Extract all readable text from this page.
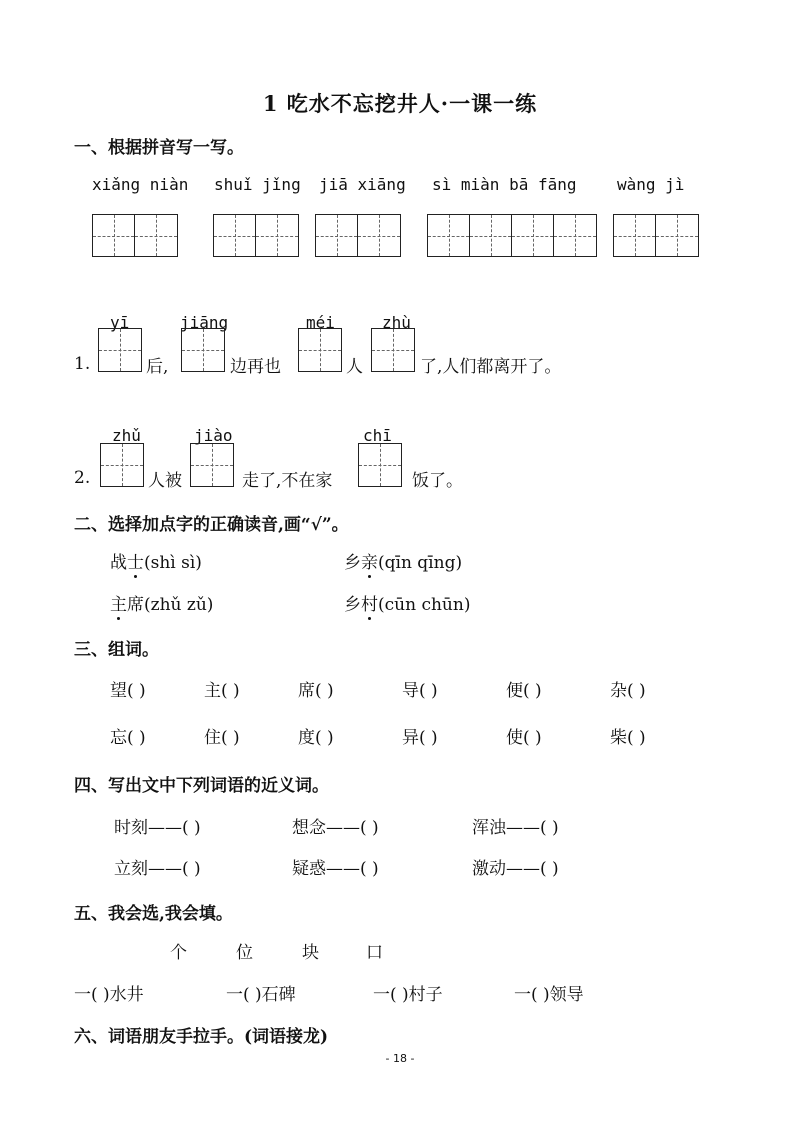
1 吃水不忘挖井人·一课一练
一、根据拼音写一写。
xiǎng niàn shuǐ jǐng jiā xiāng sì miàn bā fāng	wàng jì
yī	jiāng	méi	zhù
1.	后,	边再也	人	了,人们都离开了。
zhǔ	jiào	chī
2.	人被	走了,不在家	饭了。
二、选择加点字的正确读音,画“√”。
战士(shì sì)	乡亲(qīn qīng)
主席(zhǔ zǔ)	乡村(cūn chūn)
三、组词。
望( )	主( )	席( )	导( )	便( )	杂( )
忘( )	住( )	度( )	异( )	使( )	柴( )
四、写出文中下列词语的近义词。
时刻——( )	想念——( )	浑浊——( )
立刻——( )	疑惑——( )	激动——( )
五、我会选,我会填。
个	位	块	口
一( )水井	一( )石碑	一( )村子	一( )领导
六、词语朋友手拉手。(词语接龙)
- 18 -
